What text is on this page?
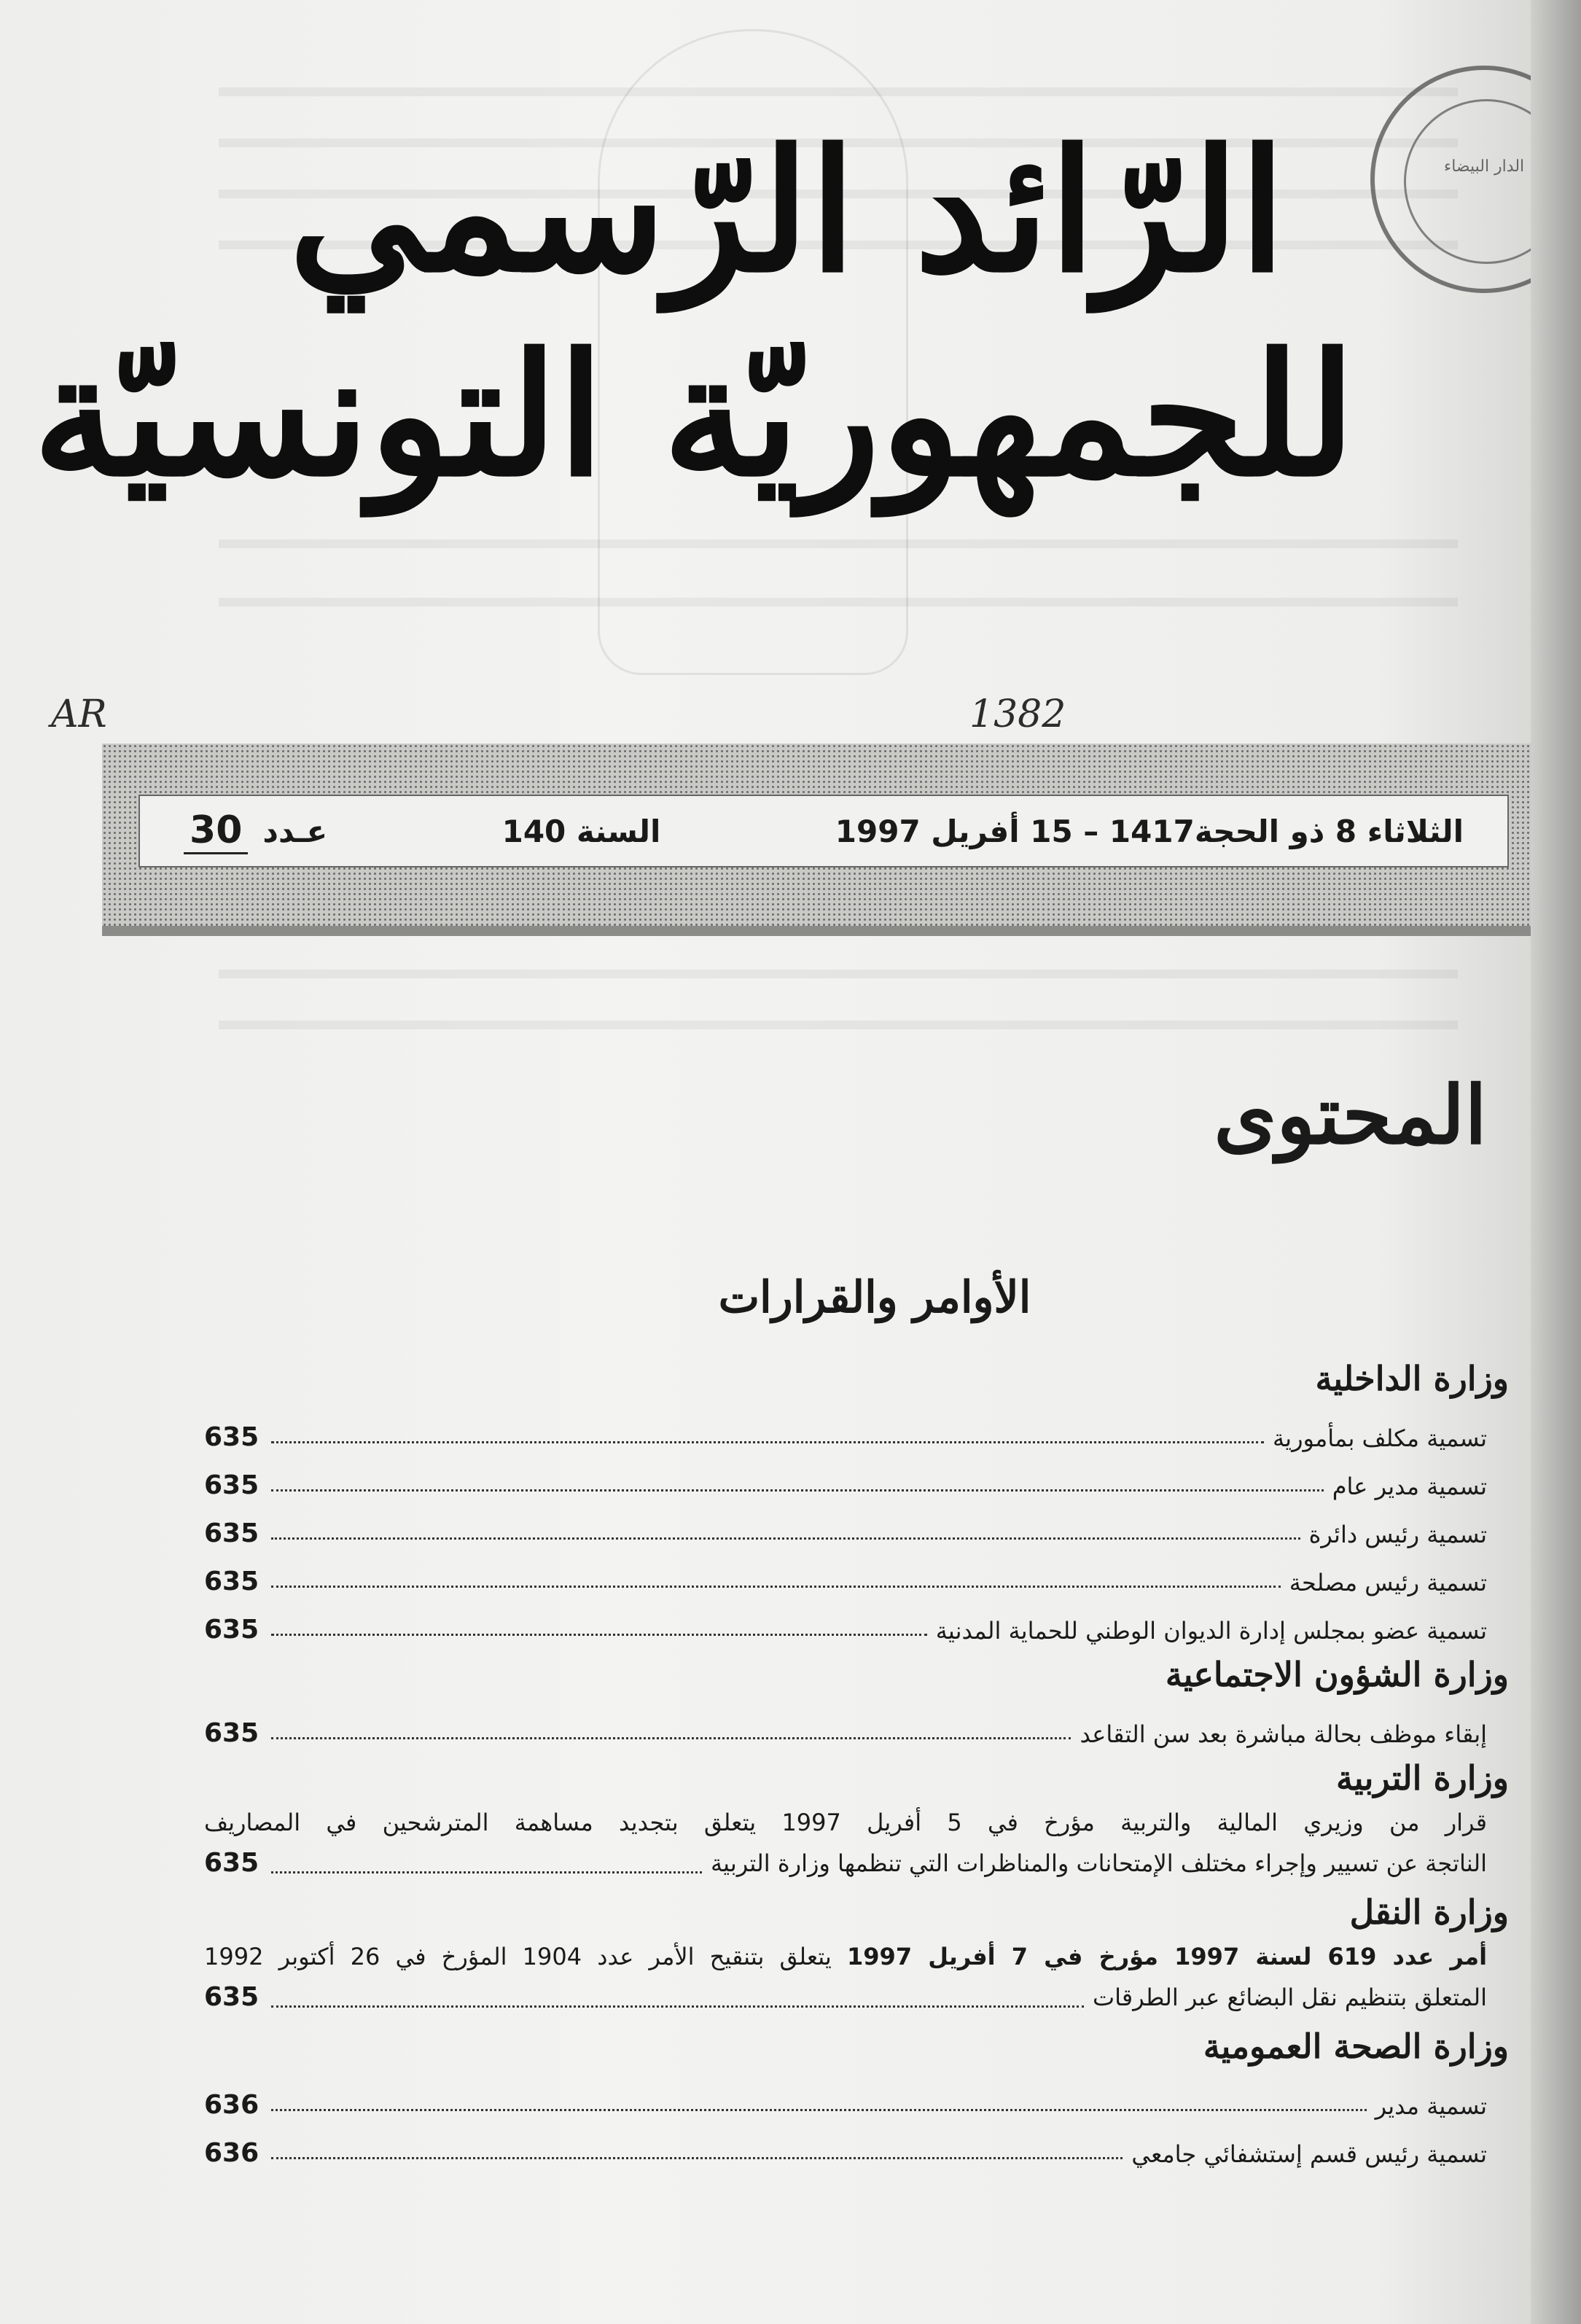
الرّائد الرّسمي
للجمهوريّة التونسيّة
الدار البيضاء
AR	1382
الثلاثاء 8 ذو الحجة1417 – 15 أفريل 1997
السنة 140
عـدد
30
المحتوى
الأوامر والقرارات
وزارة الداخلية
تسمية مكلف بمأمورية
635
تسمية مدير عام
635
تسمية رئيس دائرة
635
تسمية رئيس مصلحة
635
تسمية عضو بمجلس إدارة الديوان الوطني للحماية المدنية
635
وزارة الشؤون الاجتماعية
إبقاء موظف بحالة مباشرة بعد سن التقاعد
635
وزارة التربية
قرار من وزيري المالية والتربية مؤرخ في 5 أفريل 1997 يتعلق بتجديد مساهمة المترشحين في المصاريف
الناتجة عن تسيير وإجراء مختلف الإمتحانات والمناظرات التي تنظمها وزارة التربية
635
وزارة النقل
أمر عدد 619 لسنة 1997 مؤرخ في 7 أفريل 1997 يتعلق بتنقيح الأمر عدد 1904 المؤرخ في 26 أكتوبر 1992
المتعلق بتنظيم نقل البضائع عبر الطرقات
635
وزارة الصحة العمومية
تسمية مدير
636
تسمية رئيس قسم إستشفائي جامعي
636
